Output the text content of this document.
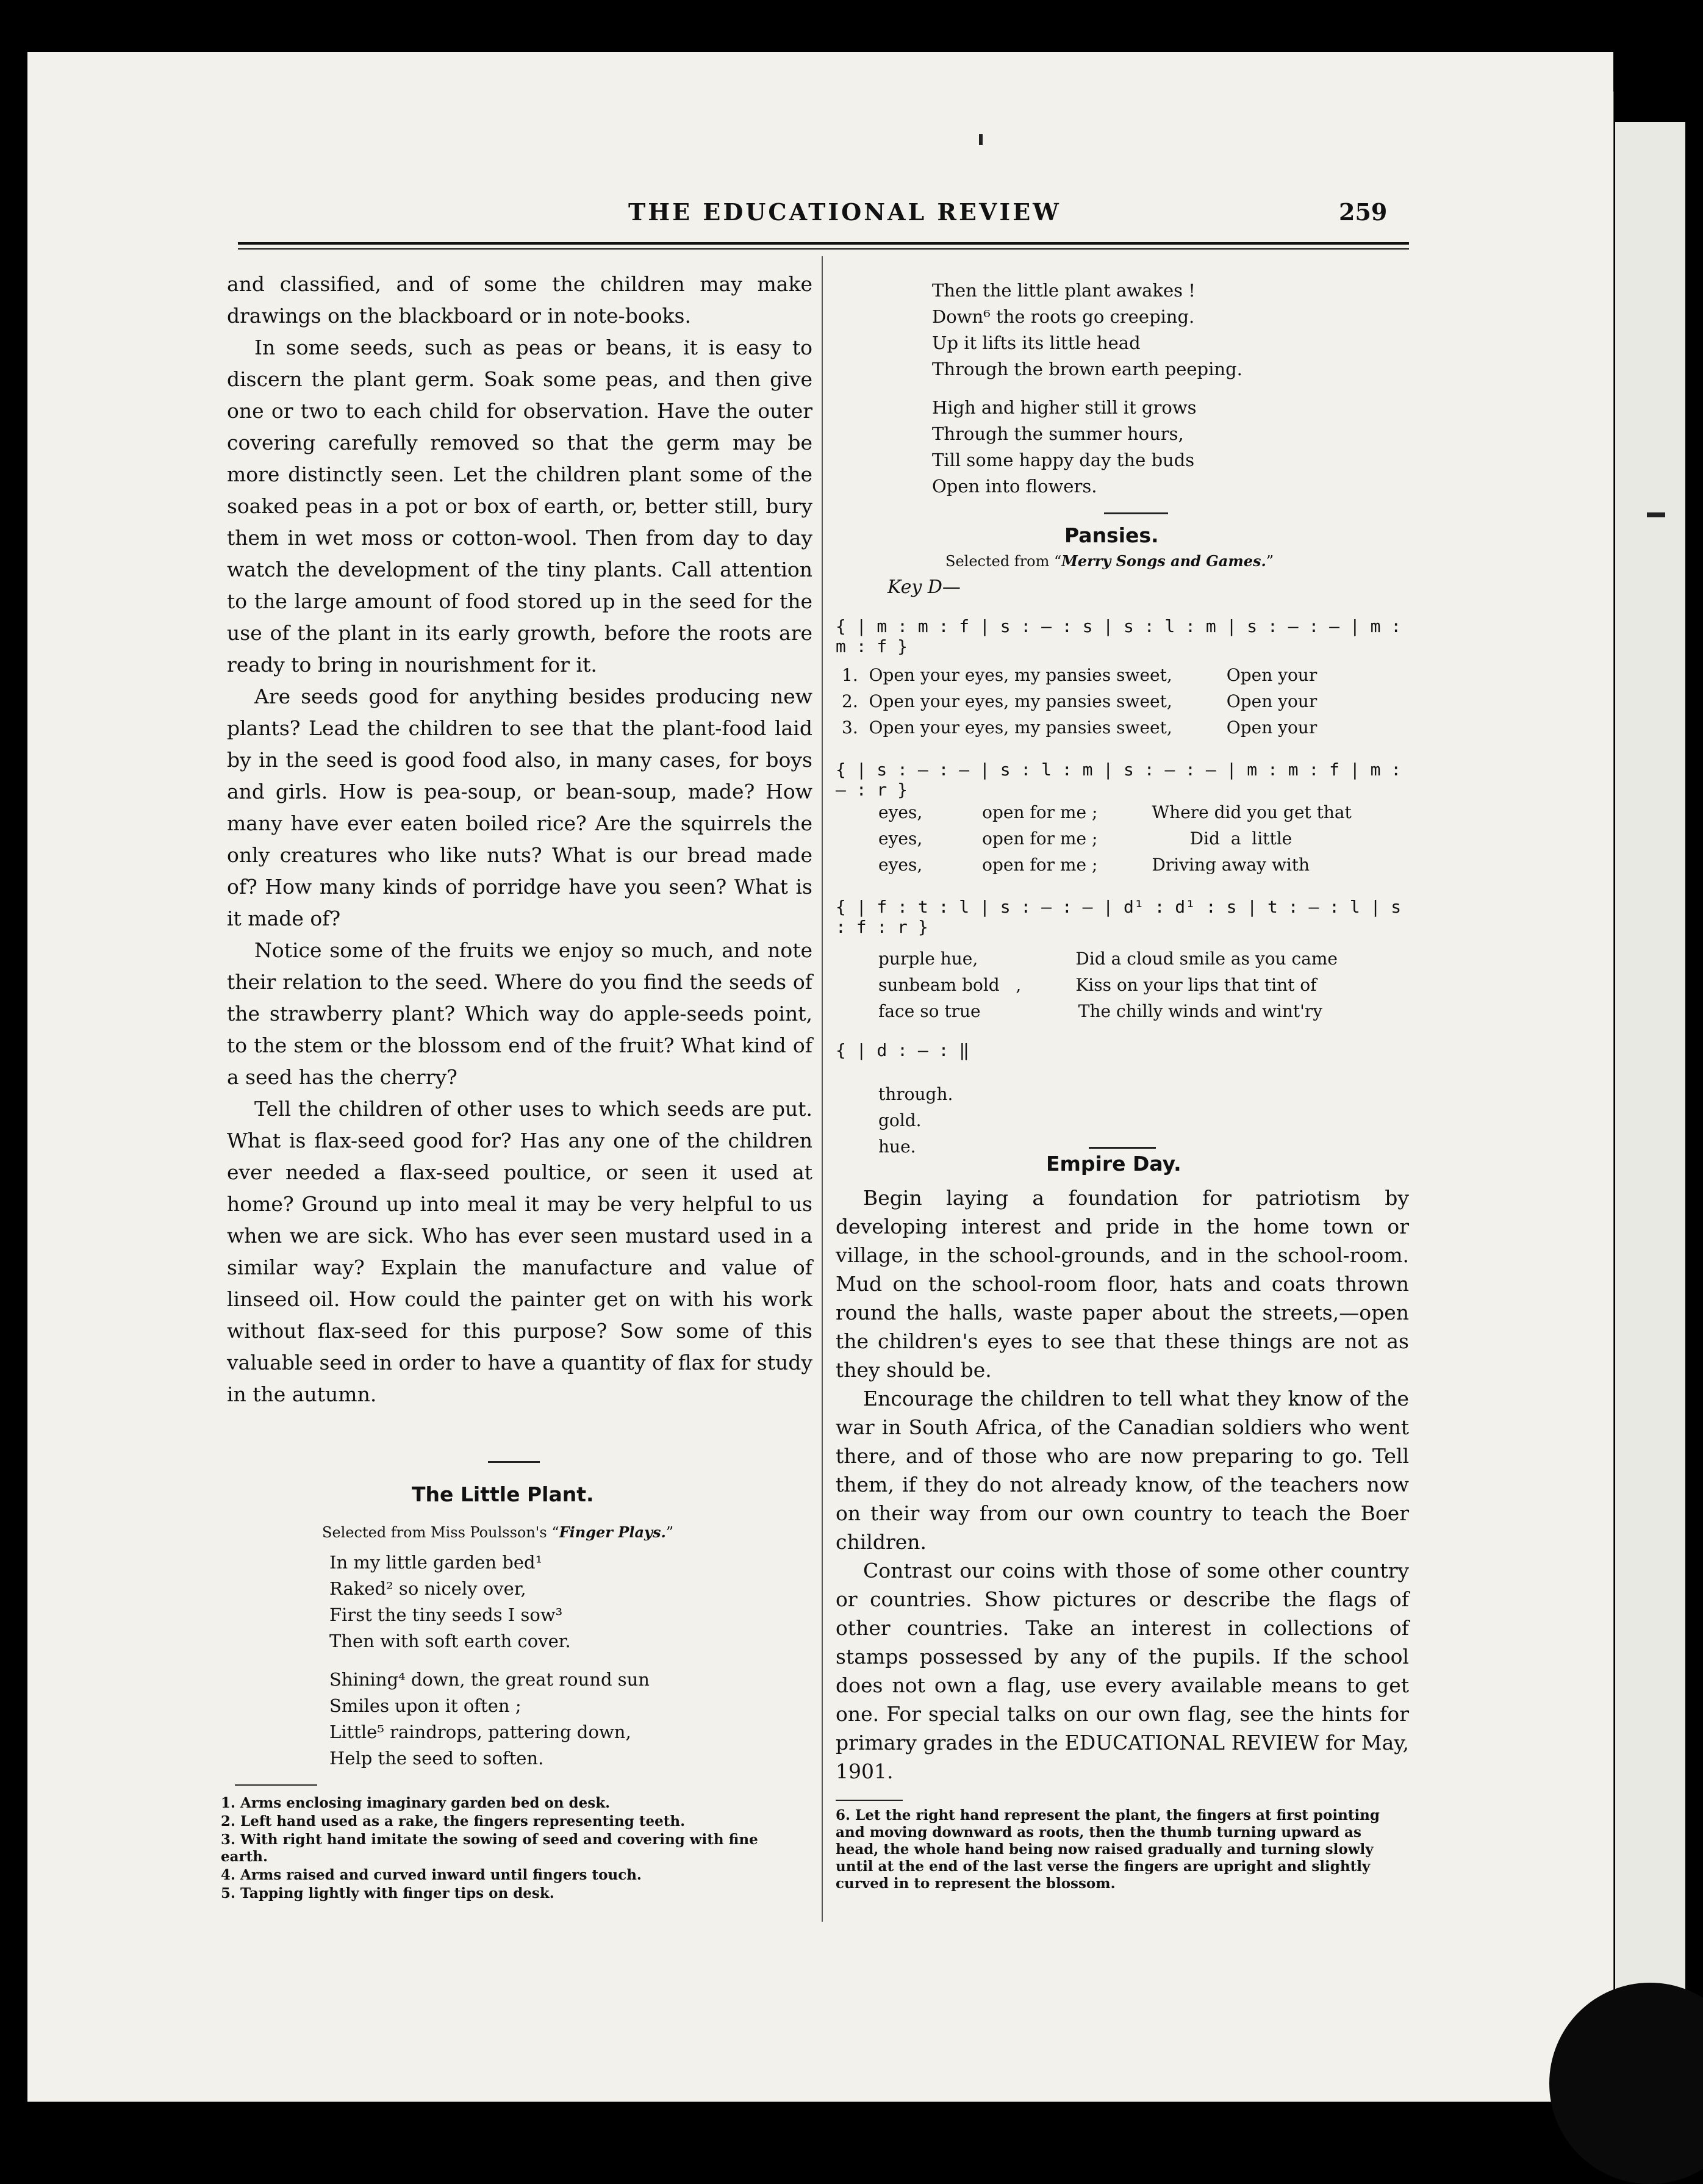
THE EDUCATIONAL REVIEW	259

and classified, and of some the children may make drawings on the blackboard or in note-books.

In some seeds, such as peas or beans, it is easy to discern the plant germ. Soak some peas, and then give one or two to each child for observation. Have the outer covering carefully removed so that the germ may be more distinctly seen. Let the children plant some of the soaked peas in a pot or box of earth, or, better still, bury them in wet moss or cotton-wool. Then from day to day watch the development of the tiny plants. Call attention to the large amount of food stored up in the seed for the use of the plant in its early growth, before the roots are ready to bring in nourishment for it.

Are seeds good for anything besides producing new plants? Lead the children to see that the plant-food laid by in the seed is good food also, in many cases, for boys and girls. How is pea-soup, or bean-soup, made? How many have ever eaten boiled rice? Are the squirrels the only creatures who like nuts? What is our bread made of? How many kinds of porridge have you seen? What is it made of?

Notice some of the fruits we enjoy so much, and note their relation to the seed. Where do you find the seeds of the strawberry plant? Which way do apple-seeds point, to the stem or the blossom end of the fruit? What kind of a seed has the cherry?

Tell the children of other uses to which seeds are put. What is flax-seed good for? Has any one of the children ever needed a flax-seed poultice, or seen it used at home? Ground up into meal it may be very helpful to us when we are sick. Who has ever seen mustard used in a similar way? Explain the manufacture and value of linseed oil. How could the painter get on with his work without flax-seed for this purpose? Sow some of this valuable seed in order to have a quantity of flax for study in the autumn.

The Little Plant.
Selected from Miss Poulsson's “Finger Plays.”
In my little garden bed¹
Raked² so nicely over,
First the tiny seeds I sow³
Then with soft earth cover.
Shining⁴ down, the great round sun
Smiles upon it often ;
Little⁵ raindrops, pattering down,
Help the seed to soften.
1. Arms enclosing imaginary garden bed on desk.
2. Left hand used as a rake, the fingers representing teeth.
3. With right hand imitate the sowing of seed and covering with fine earth.
4. Arms raised and curved inward until fingers touch.
5. Tapping lightly with finger tips on desk.
Then the little plant awakes !
Down⁶ the roots go creeping.
Up it lifts its little head
Through the brown earth peeping.
High and higher still it grows
Through the summer hours,
Till some happy day the buds
Open into flowers.
Pansies.
Selected from “Merry Songs and Games.”
Key D—
{ | m : m : f | s : — : s | s : l : m | s : — : — | m : m : f }
1.  Open your eyes, my pansies sweet,          Open your
2.  Open your eyes, my pansies sweet,          Open your
3.  Open your eyes, my pansies sweet,          Open your
{ | s : — : — | s : l : m | s : — : — | m : m : f | m : — : r }
eyes,           open for me ;          Where did you get that
eyes,           open for me ;                 Did  a  little
eyes,           open for me ;          Driving away with
{ | f : t : l | s : — : — | d¹ : d¹ : s | t : — : l | s : f : r }
purple hue,                  Did a cloud smile as you came
sunbeam bold   ,          Kiss on your lips that tint of
face so true                  The chilly winds and wint'ry
{ | d : — : ‖
through.
gold.
hue.
Empire Day.

Begin laying a foundation for patriotism by developing interest and pride in the home town or village, in the school-grounds, and in the school-room. Mud on the school-room floor, hats and coats thrown round the halls, waste paper about the streets,—open the children's eyes to see that these things are not as they should be.

Encourage the children to tell what they know of the war in South Africa, of the Canadian soldiers who went there, and of those who are now preparing to go. Tell them, if they do not already know, of the teachers now on their way from our own country to teach the Boer children.

Contrast our coins with those of some other country or countries. Show pictures or describe the flags of other countries. Take an interest in collections of stamps possessed by any of the pupils. If the school does not own a flag, use every available means to get one. For special talks on our own flag, see the hints for primary grades in the EDUCATIONAL REVIEW for May, 1901.

6. Let the right hand represent the plant, the fingers at first pointing and moving downward as roots, then the thumb turning upward as head, the whole hand being now raised gradually and turning slowly until at the end of the last verse the fingers are upright and slightly curved in to represent the blossom.
